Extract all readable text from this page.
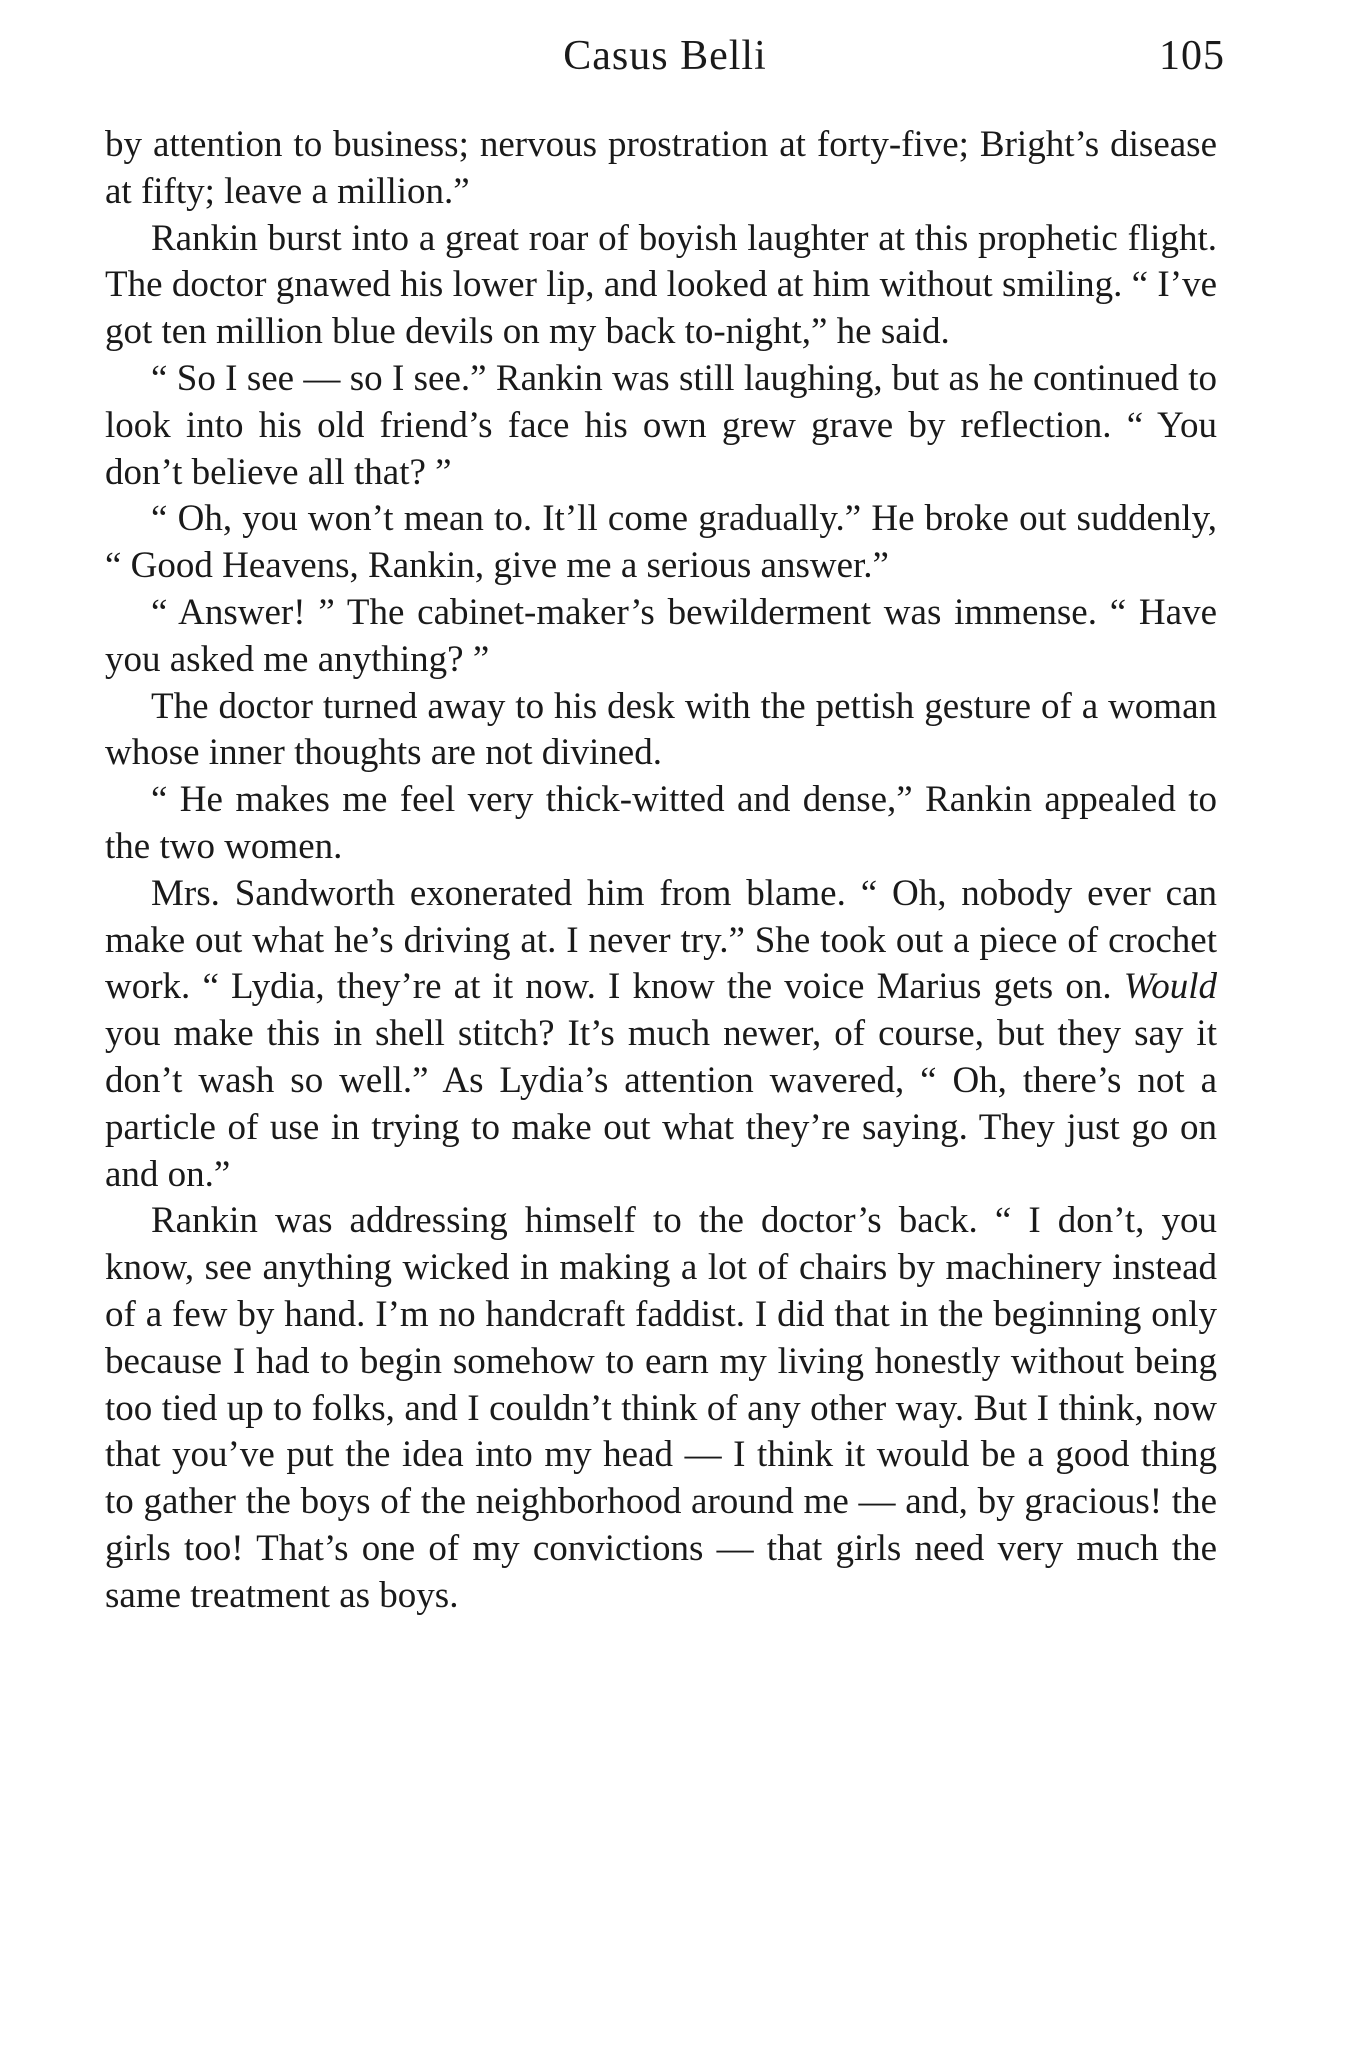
Casus Belli	105

by attention to business; nervous prostration at forty-five; Bright’s disease at fifty; leave a million.”

Rankin burst into a great roar of boyish laughter at this prophetic flight. The doctor gnawed his lower lip, and looked at him without smiling. “ I’ve got ten million blue devils on my back to-night,” he said.

“ So I see — so I see.” Rankin was still laughing, but as he continued to look into his old friend’s face his own grew grave by reflection. “ You don’t believe all that? ”

“ Oh, you won’t mean to. It’ll come gradually.” He broke out suddenly, “ Good Heavens, Rankin, give me a serious answer.”

“ Answer! ” The cabinet-maker’s bewilderment was immense. “ Have you asked me anything? ”

The doctor turned away to his desk with the pettish gesture of a woman whose inner thoughts are not divined.

“ He makes me feel very thick-witted and dense,” Rankin appealed to the two women.

Mrs. Sandworth exonerated him from blame. “ Oh, nobody ever can make out what he’s driving at. I never try.” She took out a piece of crochet work. “ Lydia, they’re at it now. I know the voice Marius gets on. Would you make this in shell stitch? It’s much newer, of course, but they say it don’t wash so well.” As Lydia’s attention wavered, “ Oh, there’s not a particle of use in trying to make out what they’re saying. They just go on and on.”

Rankin was addressing himself to the doctor’s back. “ I don’t, you know, see anything wicked in making a lot of chairs by machinery instead of a few by hand. I’m no handcraft faddist. I did that in the beginning only because I had to begin somehow to earn my living honestly without being too tied up to folks, and I couldn’t think of any other way. But I think, now that you’ve put the idea into my head — I think it would be a good thing to gather the boys of the neighborhood around me — and, by gracious! the girls too! That’s one of my convictions — that girls need very much the same treatment as boys.
